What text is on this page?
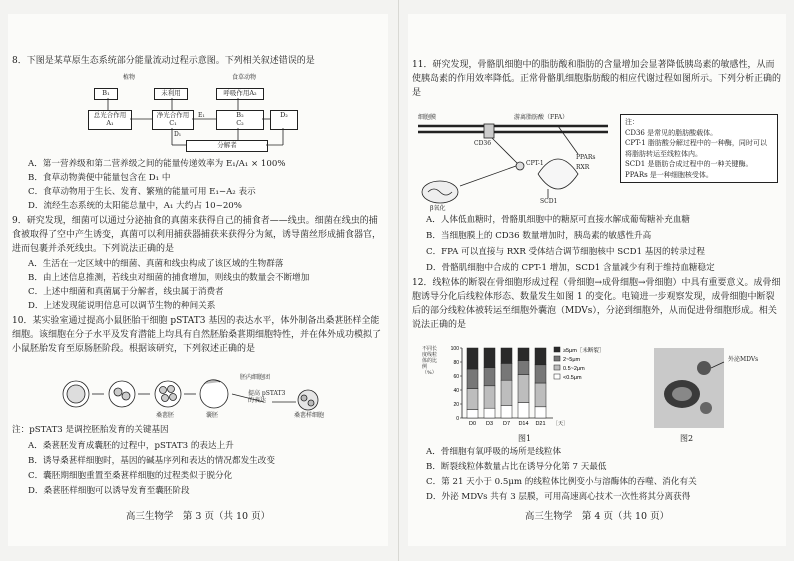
8．下图是某草原生态系统部分能量流动过程示意图。下列相关叙述错误的是
植物	食草动物
B₁	未利用	呼吸作用A₂
总光合作用
A₁
净光合作用
C₁
B₂
C₂
D₂
分解者
E₁
D₁
A．第一营养级和第二营养级之间的能量传递效率为 E₁/A₁ × 100%
B．食草动物粪便中能量包含在 D₁ 中
C．食草动物用于生长、发育、繁殖的能量可用 E₁−A₂ 表示
D．流经生态系统的太阳能总量中，A₁ 大约占 10~20%
9．研究发现，细菌可以通过分泌抽食的真菌来获得自己的捕食者——线虫。细菌在线虫的捕食被取得了空中产生诱变，真菌可以利用捕获器捕获来获得分为氮，诱导菌丝形成捕食器官，进而包裹并杀死线虫。下列说法正确的是
A．生活在一定区域中的细菌、真菌和线虫构成了该区域的生物群落
B．由上述信息推测，若线虫对细菌的捕食增加，则线虫的数量会不断增加
C．上述中细菌和真菌属于分解者，线虫属于消费者
D．上述发现能说明信息可以调节生物的种间关系
10．某实验室通过提高小鼠胚胎干细胞 pSTAT3 基因的表达水平，体外制备出桑葚胚样全能细胞。该细胞在分子水平及发育潜能上均具有自然胚胎桑葚期细胞特性，并在体外成功模拟了小鼠胚胎发育至原肠胚阶段。根据该研究，下列叙述正确的是
桑葚胚	囊胚
胚内细胞团
提高 pSTAT3 的表达
桑葚样细胞
注：pSTAT3 是调控胚胎发育的关键基因
A．桑葚胚发育成囊胚的过程中，pSTAT3 的表达上升
B．诱导桑葚样细胞时，基因的碱基序列和表达的情况都发生改变
C．囊胚期细胞重置至桑葚样细胞的过程类似于脱分化
D．桑葚胚样细胞可以诱导发育至囊胚阶段
高三生物学　第 3 页（共 10 页）
11．研究发现，骨骼肌细胞中的脂肪酸和脂肪的含量增加会显著降低胰岛素的敏感性，从而使胰岛素的作用效率降低。正常骨骼肌细胞脂肪酸的相应代谢过程如图所示。下列分析正确的是
细胞膜	游离脂肪酸（FFA）
CD36
CPT-1
PPARs
RXR
SCD1
β氧化
注：
CD36 是常见的脂肪酸载体。
CPT-1 脂肪酸分解过程中的一种酶，同时可以将脂肪转运至线粒体内。
SCD1 是脂肪合成过程中的一种关键酶。
PPARs 是一种细胞核受体。
A．人体低血糖时，骨骼肌细胞中的糖原可直接水解成葡萄糖补充血糖
B．当细胞膜上的 CD36 数量增加时，胰岛素的敏感性升高
C．FPA 可以直接与 RXR 受体结合调节细胞核中 SCD1 基因的转录过程
D．骨骼肌细胞中合成的 CPT-1 增加，SCD1 含量减少有利于维持血糖稳定
12．线粒体的断裂在骨细胞形成过程（骨细胞→成骨细胞→骨细胞）中具有重要意义。成骨细胞诱导分化后线粒体形态、数量发生如图 1 的变化。电镜进一步观察发现，成骨细胞中断裂后的部分线粒体被转运至细胞外囊泡（MDVs），分泌到细胞外，从而促进骨细胞形成。相关说法正确的是
0
20
40
60
80
100
D0 D3 D7 D14 D21 ［天］
≥5μm［未断裂］
2~5μm
0.5~2μm
<0.5μm
不同长度线粒体的比例（%）
图1
外泌MDVs
图2
A．骨细胞有氧呼吸的场所是线粒体
B．断裂线粒体数量占比在诱导分化第 7 天最低
C．第 21 天小于 0.5μm 的线粒体比例变小与溶酶体的吞噬、消化有关
D．外泌 MDVs 共有 3 层膜，可用高速离心技术一次性将其分离获得
高三生物学　第 4 页（共 10 页）
